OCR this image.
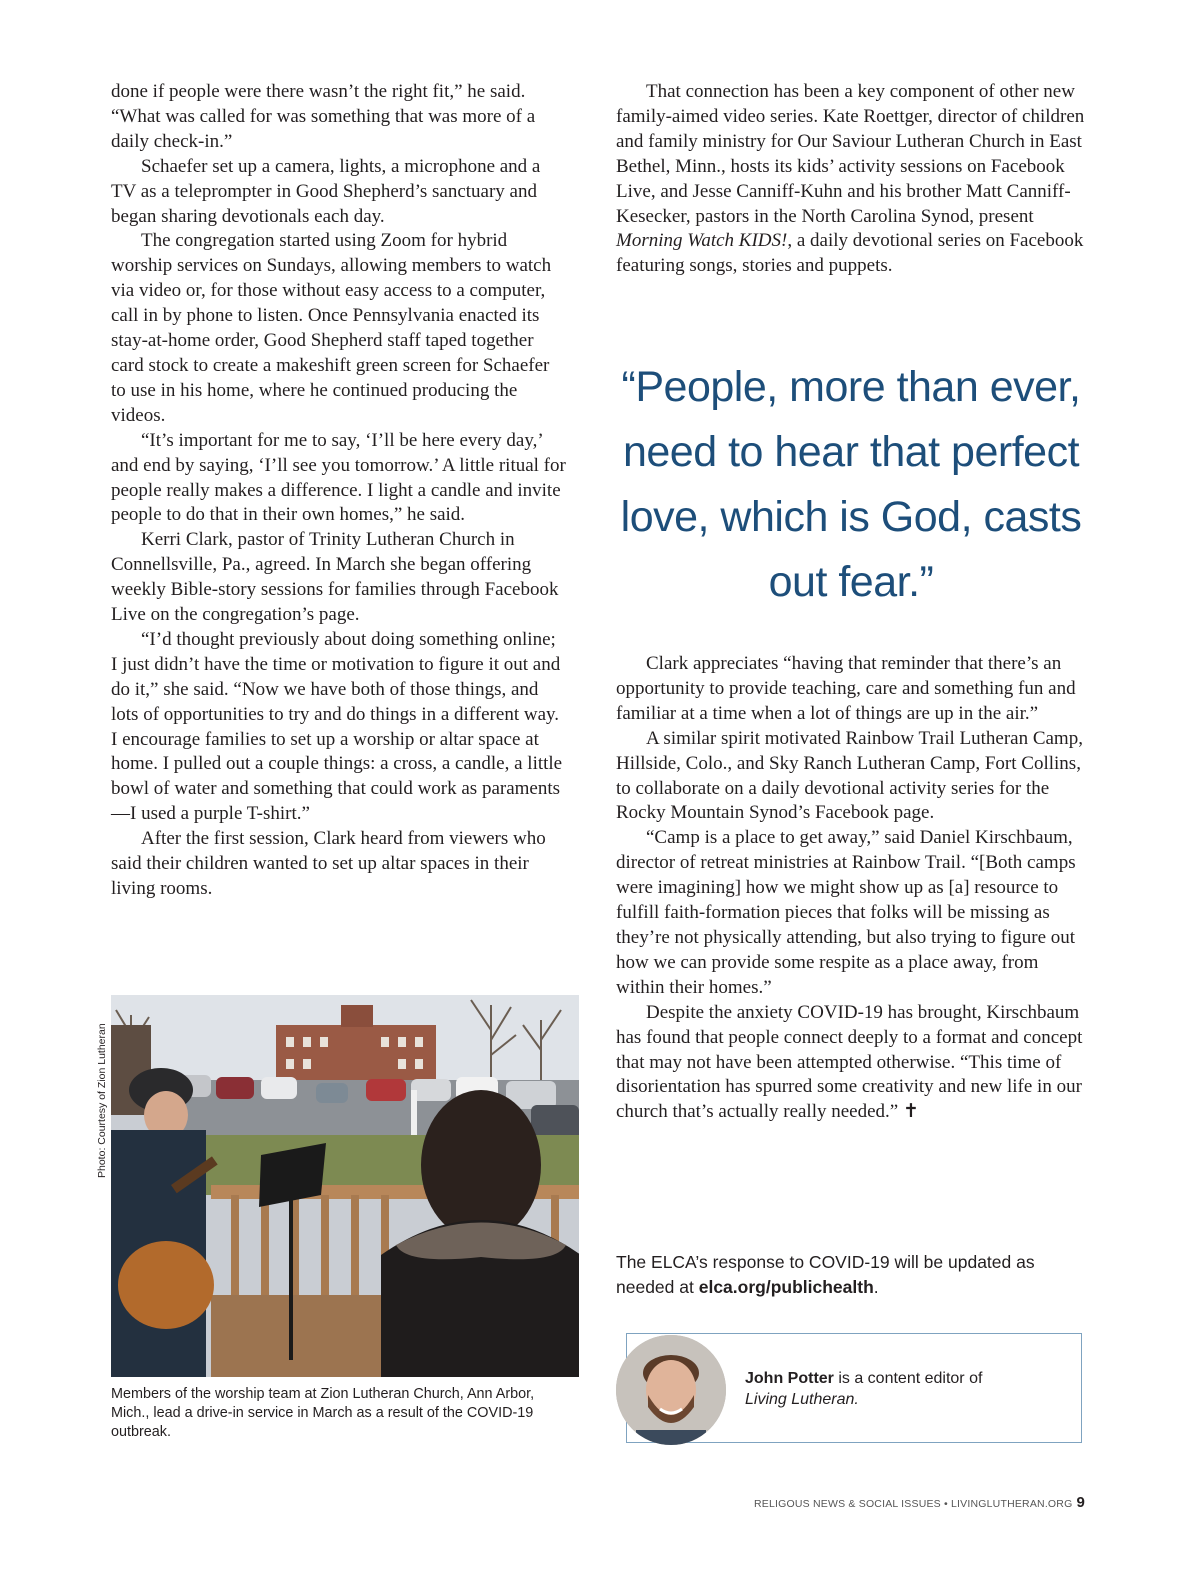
done if people were there wasn’t the right fit,” he said. “What was called for was something that was more of a daily check-in.”

Schaefer set up a camera, lights, a microphone and a TV as a teleprompter in Good Shepherd’s sanctuary and began sharing devotionals each day.

The congregation started using Zoom for hybrid worship services on Sundays, allowing members to watch via video or, for those without easy access to a computer, call in by phone to listen. Once Pennsylvania enacted its stay-at-home order, Good Shepherd staff taped together card stock to create a makeshift green screen for Schaefer to use in his home, where he continued producing the videos.

“It’s important for me to say, ‘I’ll be here every day,’ and end by saying, ‘I’ll see you tomorrow.’ A little ritual for people really makes a difference. I light a candle and invite people to do that in their own homes,” he said.

Kerri Clark, pastor of Trinity Lutheran Church in Connellsville, Pa., agreed. In March she began offering weekly Bible-story sessions for families through Facebook Live on the congregation’s page.

“I’d thought previously about doing something online; I just didn’t have the time or motivation to figure it out and do it,” she said. “Now we have both of those things, and lots of opportunities to try and do things in a different way. I encourage families to set up a worship or altar space at home. I pulled out a couple things: a cross, a candle, a little bowl of water and something that could work as paraments—I used a purple T-shirt.”

After the first session, Clark heard from viewers who said their children wanted to set up altar spaces in their living rooms.

Photo: Courtesy of Zion Lutheran
Members of the worship team at Zion Lutheran Church, Ann Arbor, Mich., lead a drive-in service in March as a result of the COVID-19 outbreak.

That connection has been a key component of other new family-aimed video series. Kate Roettger, director of children and family ministry for Our Saviour Lutheran Church in East Bethel, Minn., hosts its kids’ activity sessions on Facebook Live, and Jesse Canniff-Kuhn and his brother Matt Canniff-Kesecker, pastors in the North Carolina Synod, present Morning Watch KIDS!, a daily devotional series on Facebook featuring songs, stories and puppets.

“People, more than ever, need to hear that perfect love, which is God, casts out fear.”

Clark appreciates “having that reminder that there’s an opportunity to provide teaching, care and something fun and familiar at a time when a lot of things are up in the air.”

A similar spirit motivated Rainbow Trail Lutheran Camp, Hillside, Colo., and Sky Ranch Lutheran Camp, Fort Collins, to collaborate on a daily devotional activity series for the Rocky Mountain Synod’s Facebook page.

“Camp is a place to get away,” said Daniel Kirschbaum, director of retreat ministries at Rainbow Trail. “[Both camps were imagining] how we might show up as [a] resource to fulfill faith-formation pieces that folks will be missing as they’re not physically attending, but also trying to figure out how we can provide some respite as a place away, from within their homes.”

Despite the anxiety COVID-19 has brought, Kirschbaum has found that people connect deeply to a format and concept that may not have been attempted otherwise. “This time of disorientation has spurred some creativity and new life in our church that’s actually really needed.” ✝

The ELCA’s response to COVID-19 will be updated as needed at elca.org/publichealth.
John Potter is a content editor of
Living Lutheran.
RELIGOUS NEWS & SOCIAL ISSUES • LIVINGLUTHERAN.ORG 9
